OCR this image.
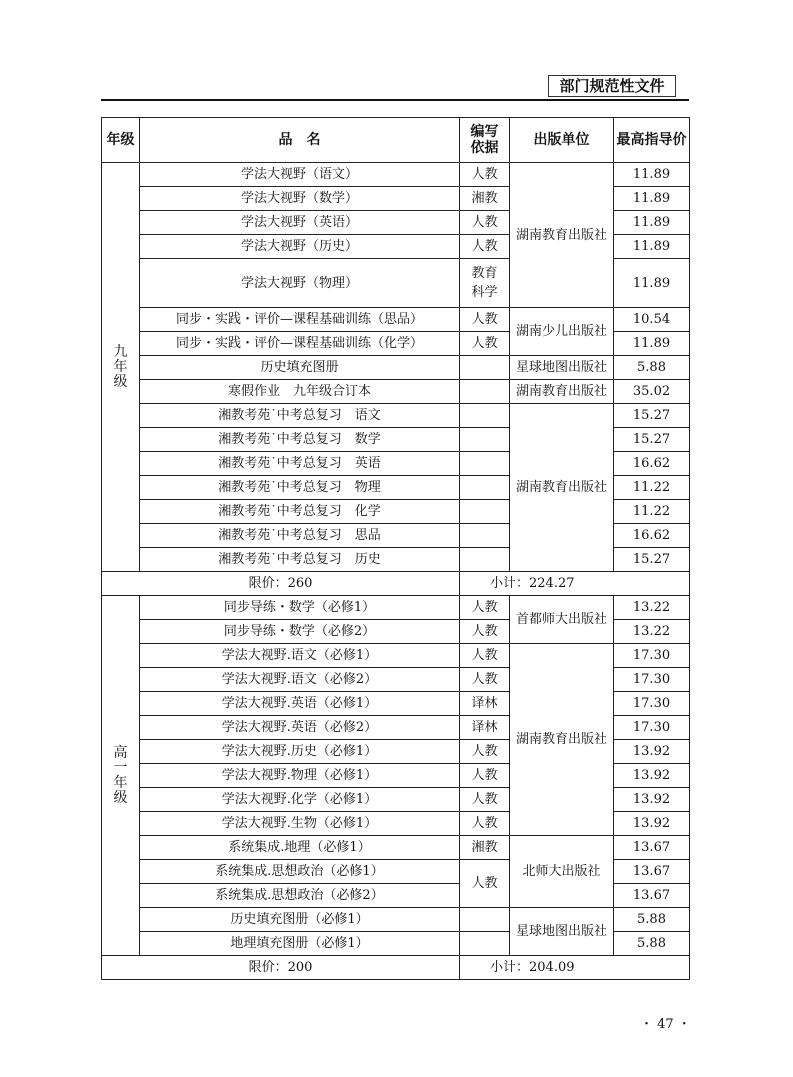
部门规范性文件
年级	品　名	编写依据	出版单位	最高指导价
九年级	学法大视野（语文）	人教	湖南教育出版社	11.89
	学法大视野（数学）	湘教		11.89
	学法大视野（英语）	人教		11.89
	学法大视野（历史）	人教		11.89
	学法大视野（物理）	教育科学		11.89
	同步・实践・评价—课程基础训练（思品）	人教	湖南少儿出版社	10.54
	同步・实践・评价—课程基础训练（化学）	人教		11.89
	历史填充图册		星球地图出版社	5.88
	寒假作业　九年级合订本		湖南教育出版社	35.02
	湘教考苑˙中考总复习　语文		湖南教育出版社	15.27
	湘教考苑˙中考总复习　数学			15.27
	湘教考苑˙中考总复习　英语			16.62
	湘教考苑˙中考总复习　物理			11.22
	湘教考苑˙中考总复习　化学			11.22
	湘教考苑˙中考总复习　思品			16.62
	湘教考苑˙中考总复习　历史			15.27
限价：260		小计：224.27		
高一年级	同步导练・数学（必修1）	人教	首都师大出版社	13.22
	同步导练・数学（必修2）	人教		13.22
	学法大视野.语文（必修1）	人教	湖南教育出版社	17.30
	学法大视野.语文（必修2）	人教		17.30
	学法大视野.英语（必修1）	译林		17.30
	学法大视野.英语（必修2）	译林		17.30
	学法大视野.历史（必修1）	人教		13.92
	学法大视野.物理（必修1）	人教		13.92
	学法大视野.化学（必修1）	人教		13.92
	学法大视野.生物（必修1）	人教		13.92
	系统集成.地理（必修1）	湘教	北师大出版社	13.67
	系统集成.思想政治（必修1）	人教		13.67
	系统集成.思想政治（必修2）			13.67
	历史填充图册（必修1）		星球地图出版社	5.88
	地理填充图册（必修1）			5.88
限价：200		小计：204.09		
・ 47 ・
